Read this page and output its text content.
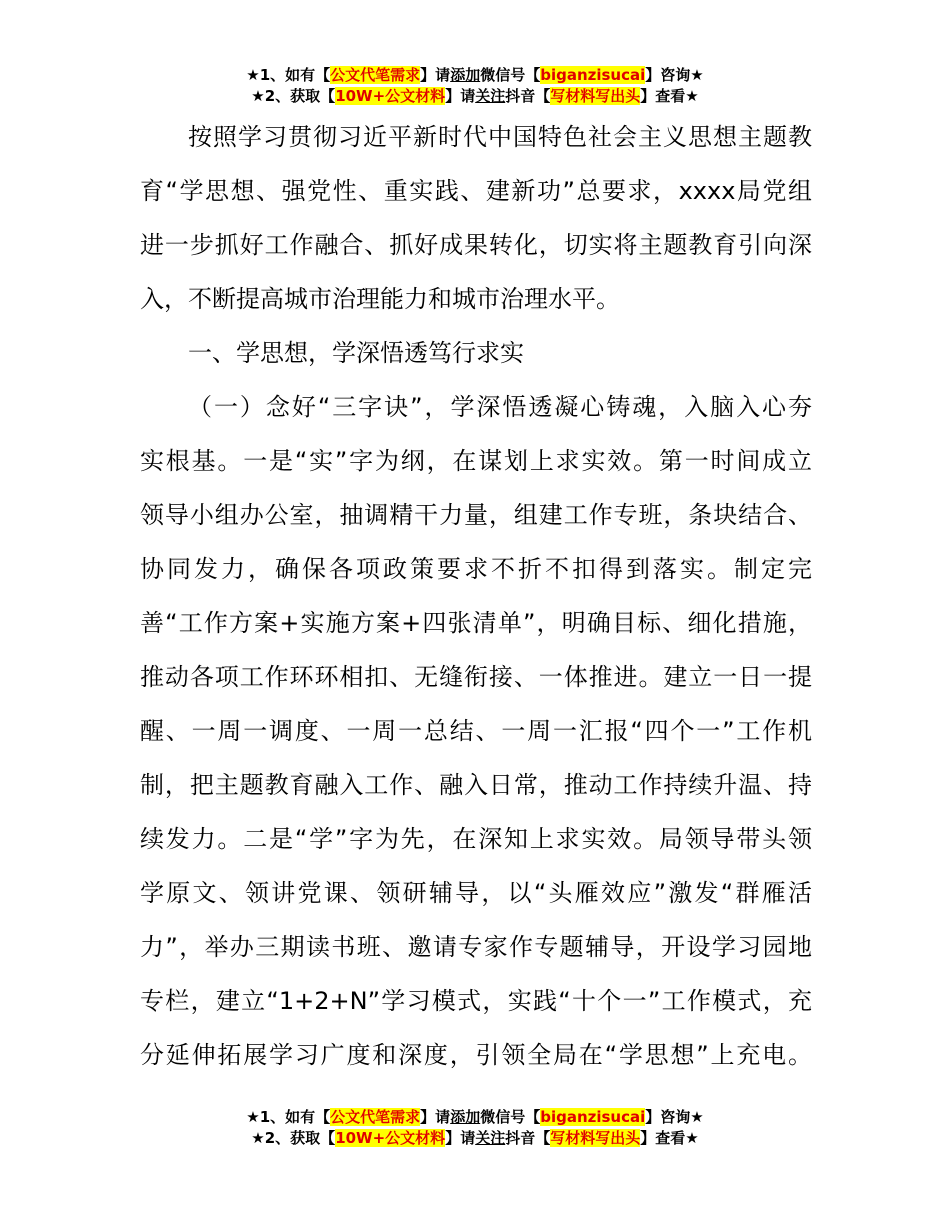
★1、如有【公文代笔需求】请添加微信号【biganzisucai】咨询★
★2、获取【10W+公文材料】请关注抖音【写材料写出头】查看★
按照学习贯彻习近平新时代中国特色社会主义思想主题教
育“学思想、强党性、重实践、建新功”总要求，xxxx局党组
进一步抓好工作融合、抓好成果转化，切实将主题教育引向深
入，不断提高城市治理能力和城市治理水平。
一、学思想，学深悟透笃行求实
（一）念好“三字诀”，学深悟透凝心铸魂，入脑入心夯
实根基。一是“实”字为纲，在谋划上求实效。第一时间成立
领导小组办公室，抽调精干力量，组建工作专班，条块结合、
协同发力，确保各项政策要求不折不扣得到落实。制定完
善“工作方案+实施方案+四张清单”，明确目标、细化措施，
推动各项工作环环相扣、无缝衔接、一体推进。建立一日一提
醒、一周一调度、一周一总结、一周一汇报“四个一”工作机
制，把主题教育融入工作、融入日常，推动工作持续升温、持
续发力。二是“学”字为先，在深知上求实效。局领导带头领
学原文、领讲党课、领研辅导，以“头雁效应”激发“群雁活
力”，举办三期读书班、邀请专家作专题辅导，开设学习园地
专栏，建立“1+2+N”学习模式，实践“十个一”工作模式，充
分延伸拓展学习广度和深度，引领全局在“学思想”上充电。
★1、如有【公文代笔需求】请添加微信号【biganzisucai】咨询★
★2、获取【10W+公文材料】请关注抖音【写材料写出头】查看★
